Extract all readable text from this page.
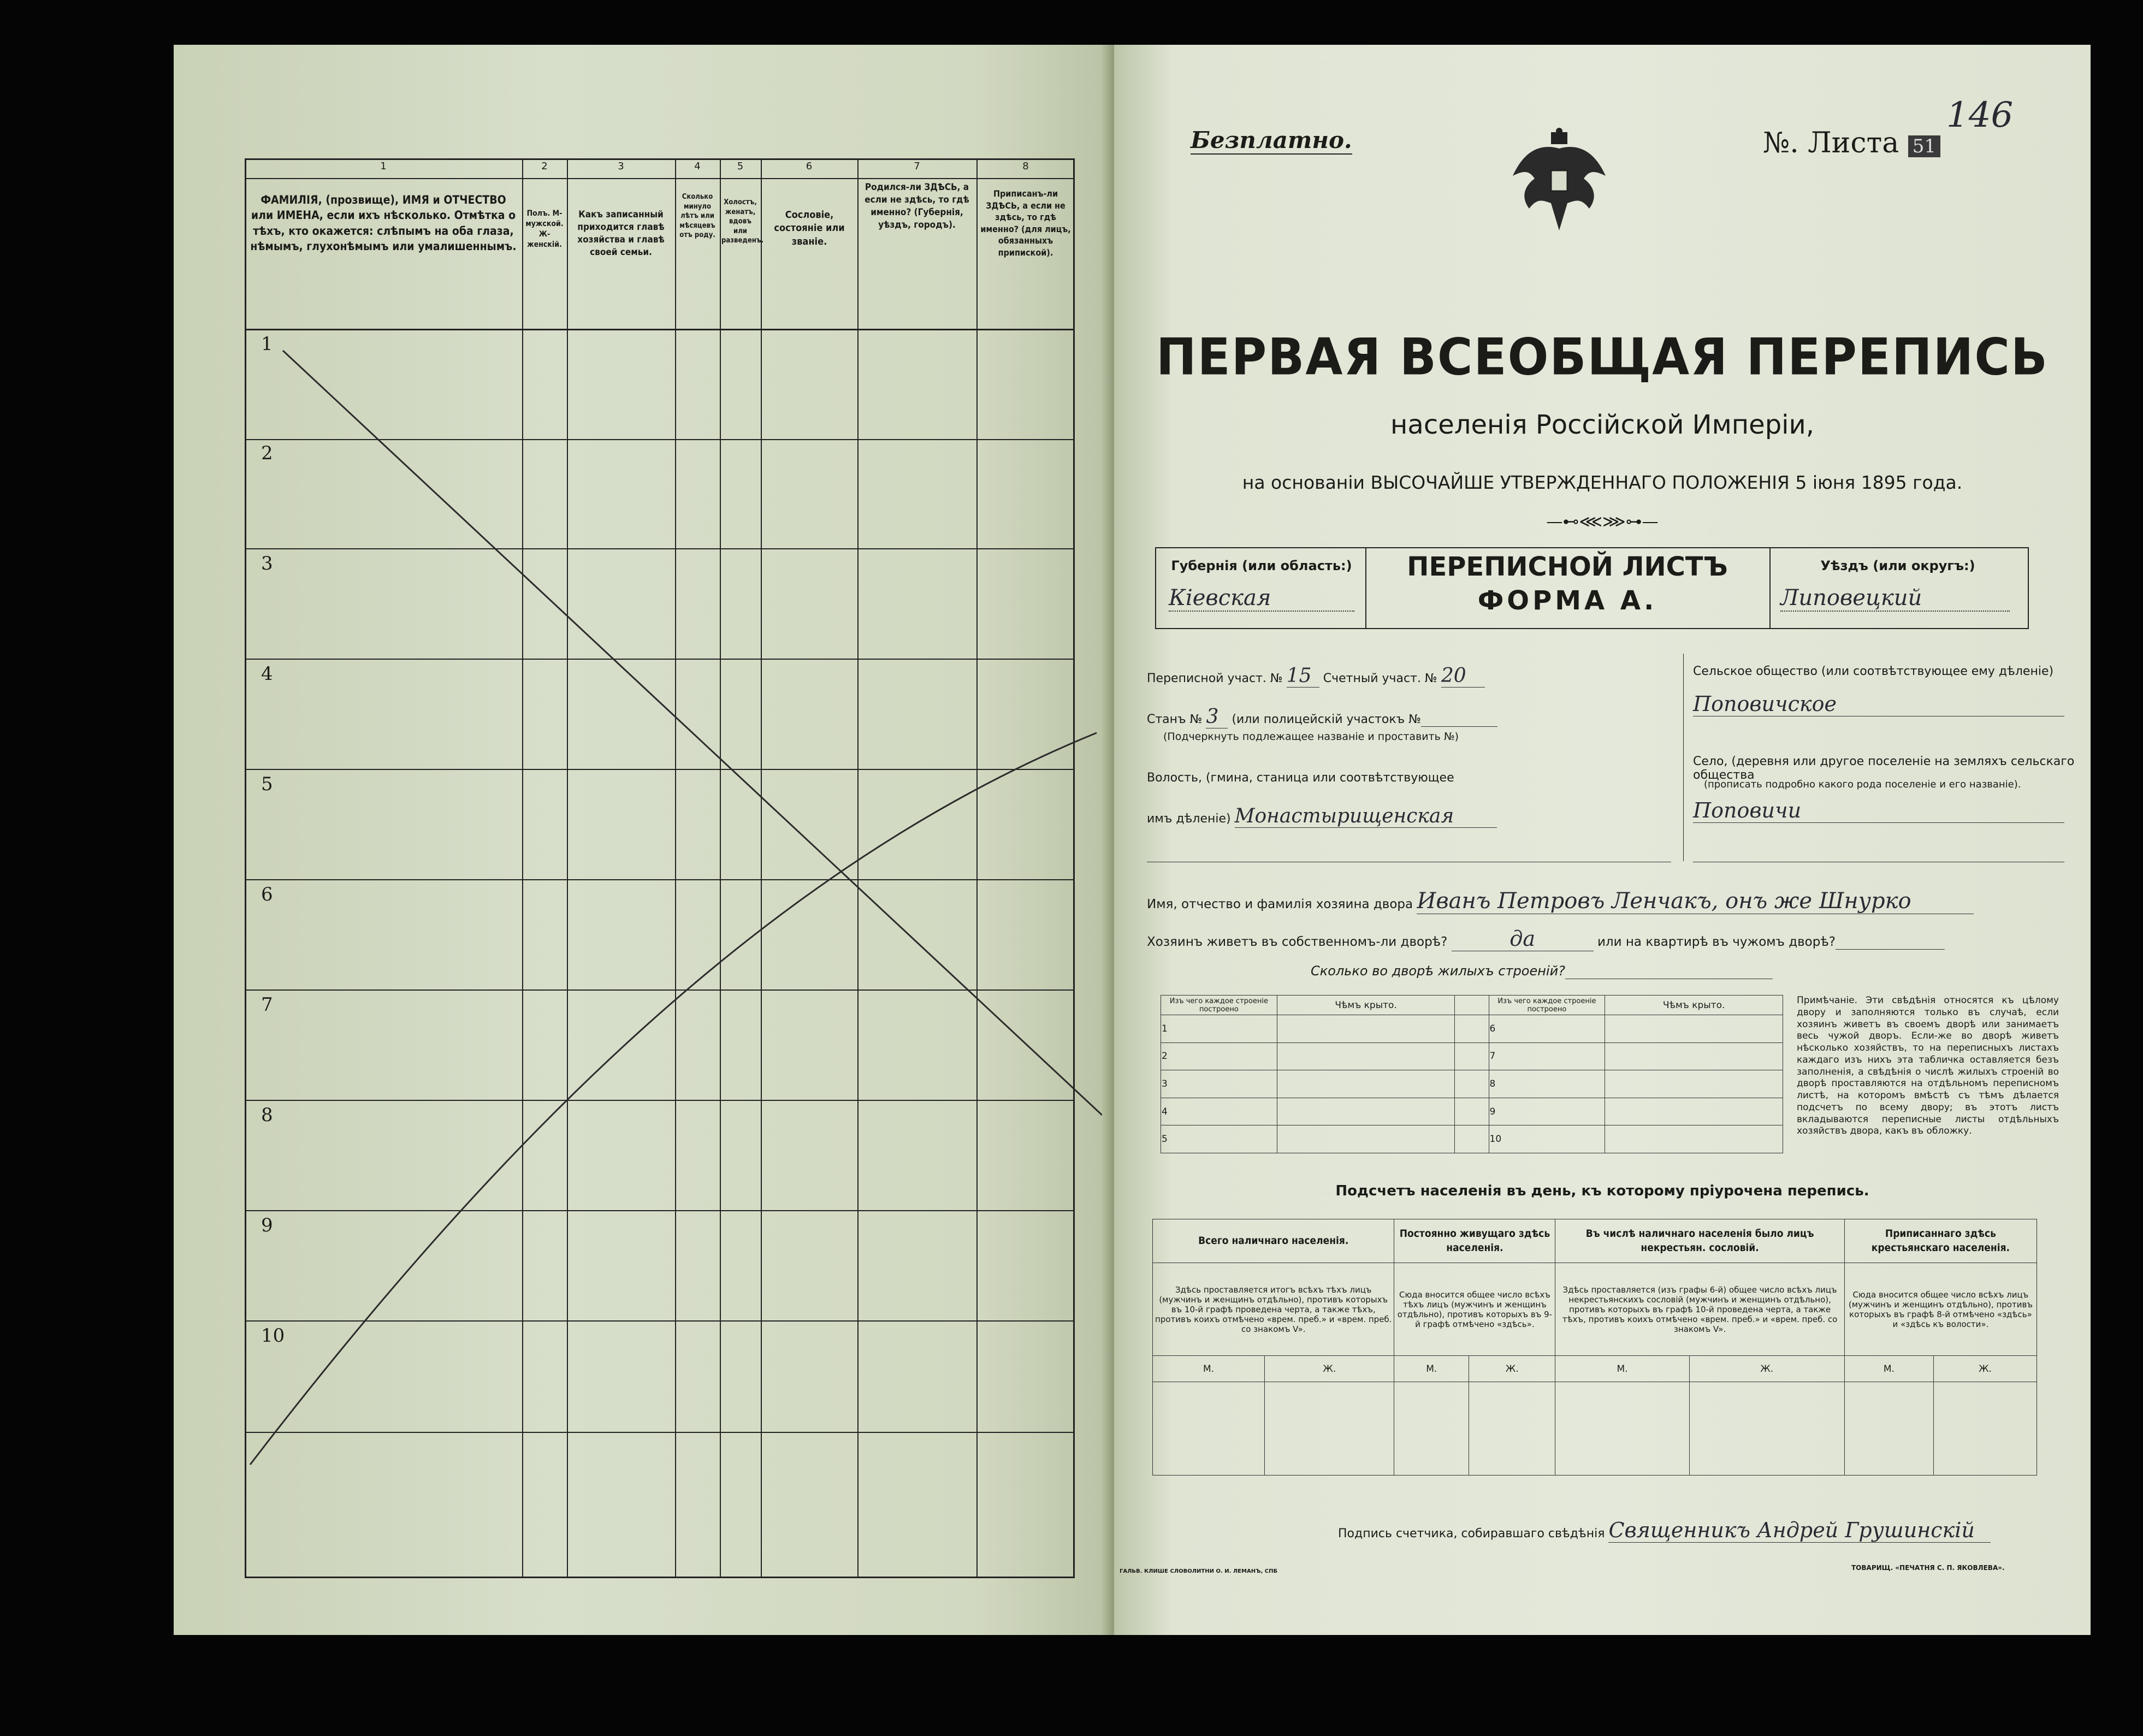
1	2	3	4	5	6	7	8
ФАМИЛІЯ, (прозвище), ИМЯ и ОТЧЕСТВО или ИМЕНА, если ихъ нѣсколько. Отмѣтка о тѣхъ, кто окажется: слѣпымъ на оба глаза, нѣмымъ, глухонѣмымъ или умалишеннымъ.
Полъ. М-мужской. Ж-женскій.
Какъ записанный приходится главѣ хозяйства и главѣ своей семьи.
Сколько минуло лѣтъ или мѣсяцевъ отъ роду.
Холостъ, женатъ, вдовъ или разведенъ.
Сословіе, состояніе или званіе.
Родился-ли ЗДѢСЬ, а если не здѣсь, то гдѣ именно? (Губернія, уѣздъ, городъ).
Приписанъ-ли ЗДѢСЬ, а если не здѣсь, то гдѣ именно? (для лицъ, обязанныхъ припиской).
1
2
3
4
5
6
7
8
9
10
Безплатно.	№. Листа 51
146
ПЕРВАЯ ВСЕОБЩАЯ ПЕРЕПИСЬ
населенія Россійской Имперіи,
на основаніи ВЫСОЧАЙШЕ УТВЕРЖДЕННАГО ПОЛОЖЕНІЯ 5 іюня 1895 года.
—⊷⋘⋙⊶—
Губернія (или область:)
Кіевская
ПЕРЕПИСНОЙ ЛИСТЪ
ФОРМА А.
Уѣздъ (или округъ:)
Липовецкий
Переписной участ. № 15 Счетный участ. № 20
Станъ № 3 (или полицейскій участокъ №
(Подчеркнуть подлежащее названіе и проставить №)
Волость, (гмина, станица или соотвѣтствующее
имъ дѣленіе) Монастырищенская
Сельское общество (или соотвѣтствующее ему дѣленіе)
Поповичское
Село, (деревня или другое поселеніе на земляхъ сельскаго общества
(прописать подробно какого рода поселеніе и его названіе).
Поповичи
Имя, отчество и фамилія хозяина двора Иванъ Петровъ Ленчакъ, онъ же Шнурко
Хозяинъ живетъ въ собственномъ-ли дворѣ?	да	или на квартирѣ въ чужомъ дворѣ?
Сколько во дворѣ жилыхъ строеній?
Изъ чего каждое строеніе построено	Чѣмъ крыто.		Изъ чего каждое строеніе построено	Чѣмъ крыто.
1			6	
2			7	
3			8	
4			9	
5			10	
Примѣчаніе. Эти свѣдѣнія относятся къ цѣлому двору и заполняются только въ случаѣ, если хозяинъ живетъ въ своемъ дворѣ или занимаетъ весь чужой дворъ. Если-же во дворѣ живетъ нѣсколько хозяйствъ, то на переписныхъ листахъ каждаго изъ нихъ эта табличка оставляется безъ заполненія, а свѣдѣнія о числѣ жилыхъ строеній во дворѣ проставляются на отдѣльномъ переписномъ листѣ, на которомъ вмѣстѣ съ тѣмъ дѣлается подсчетъ по всему двору; въ этотъ листъ вкладываются переписные листы отдѣльныхъ хозяйствъ двора, какъ въ обложку.
Подсчетъ населенія въ день, къ которому пріурочена перепись.
Всего наличнаго населенія.		Постоянно живущаго здѣсь населенія.		Въ числѣ наличнаго населенія было лицъ некрестьян. сословій.		Приписаннаго здѣсь крестьянскаго населенія.	
Здѣсь проставляется итогъ всѣхъ тѣхъ лицъ (мужчинъ и женщинъ отдѣльно), противъ которыхъ въ 10-й графѣ проведена черта, а также тѣхъ, противъ коихъ отмѣчено «врем. преб.» и «врем. преб. со знакомъ V».		Сюда вносится общее число всѣхъ тѣхъ лицъ (мужчинъ и женщинъ отдѣльно), противъ которыхъ въ 9-й графѣ отмѣчено «здѣсь».		Здѣсь проставляется (изъ графы 6-й) общее число всѣхъ лицъ некрестьянскихъ сословій (мужчинъ и женщинъ отдѣльно), противъ которыхъ въ графѣ 10-й проведена черта, а также тѣхъ, противъ коихъ отмѣчено «врем. преб.» и «врем. преб. со знакомъ V».		Сюда вносится общее число всѣхъ лицъ (мужчинъ и женщинъ отдѣльно), противъ которыхъ въ графѣ 8-й отмѣчено «здѣсь» и «здѣсь къ волости».	
М.	Ж.	М.	Ж.	М.	Ж.	М.	Ж.

Подпись счетчика, собиравшаго свѣдѣнія Священникъ Андрей Грушинскій
ГАЛЬВ. КЛИШЕ СЛОВОЛИТНИ О. И. ЛЕМАНЪ, СПБ	ТОВАРИЩ. «ПЕЧАТНЯ С. П. ЯКОВЛЕВА».
